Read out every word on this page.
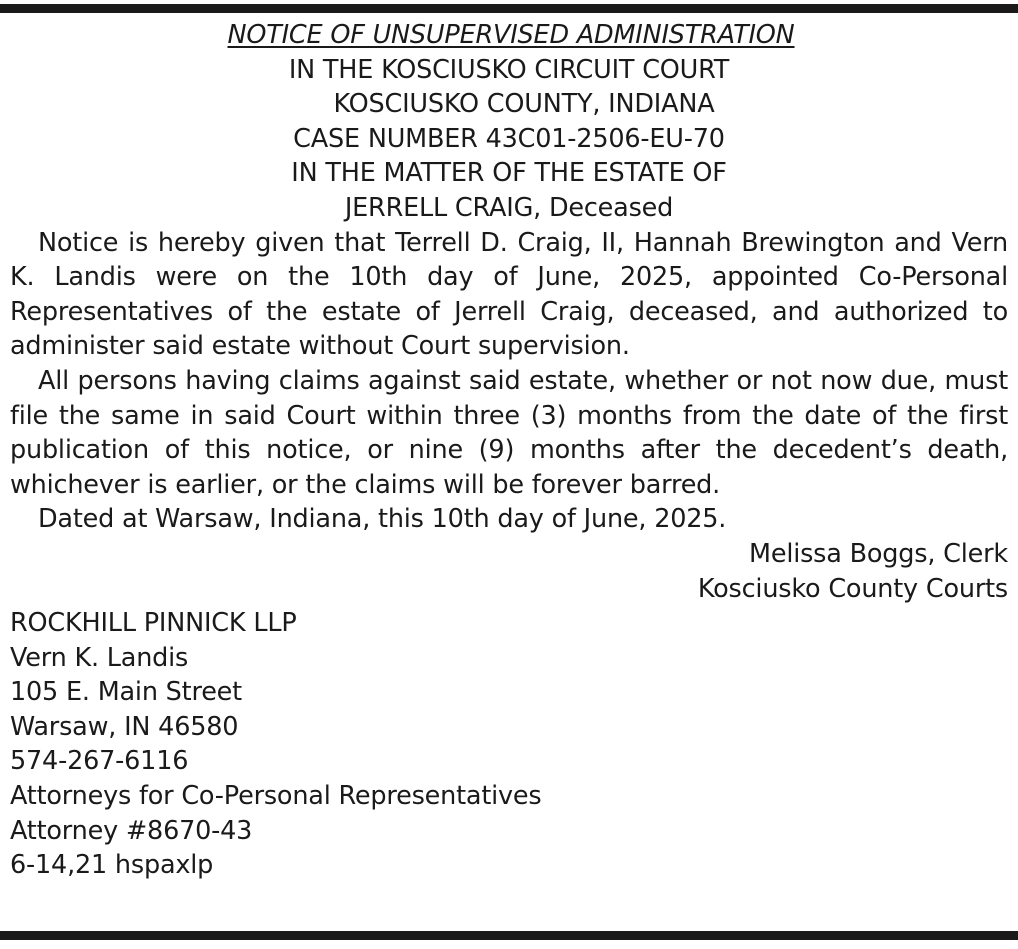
NOTICE OF UNSUPERVISED ADMINISTRATION
IN THE KOSCIUSKO CIRCUIT COURT
KOSCIUSKO COUNTY, INDIANA
CASE NUMBER 43C01-2506-EU-70
IN THE MATTER OF THE ESTATE OF
JERRELL CRAIG, Deceased

Notice is hereby given that Terrell D. Craig, II, Hannah Brewington and Vern K. Landis were on the 10th day of June, 2025, appointed Co-Personal Representatives of the estate of Jerrell Craig, deceased, and authorized to administer said estate without Court supervision.

All persons having claims against said estate, whether or not now due, must file the same in said Court within three (3) months from the date of the first publication of this notice, or nine (9) months after the decedent’s death, whichever is earlier, or the claims will be forever barred.

Dated at Warsaw, Indiana, this 10th day of June, 2025.
Melissa Boggs, Clerk
Kosciusko County Courts
ROCKHILL PINNICK LLP
Vern K. Landis
105 E. Main Street
Warsaw, IN 46580
574-267-6116
Attorneys for Co-Personal Representatives
Attorney #8670-43
6-14,21 hspaxlp
